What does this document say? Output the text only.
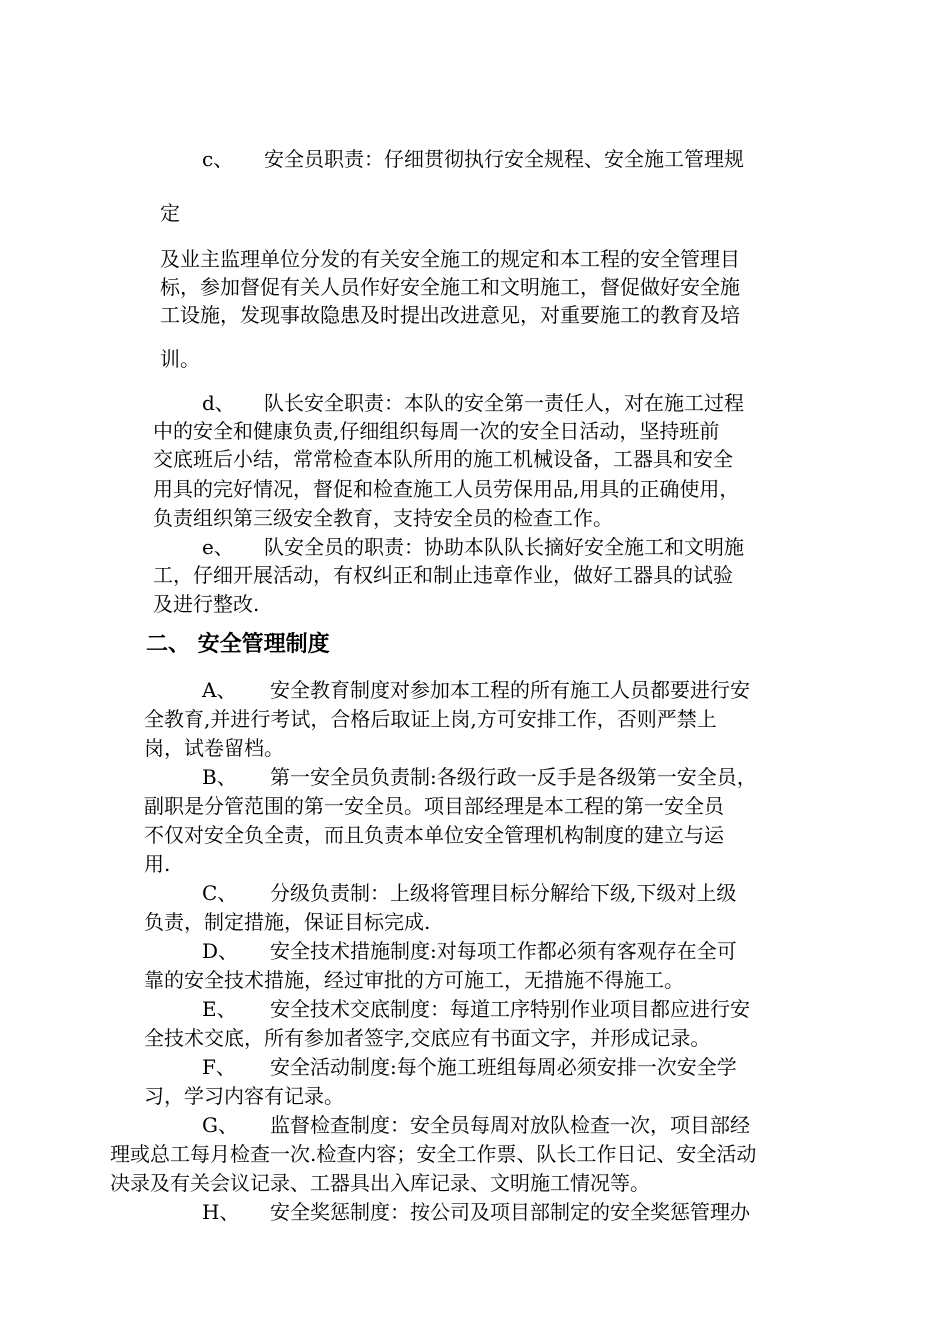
c、 安全员职责：仔细贯彻执行安全规程、安全施工管理规
定
及业主监理单位分发的有关安全施工的规定和本工程的安全管理目
标，参加督促有关人员作好安全施工和文明施工，督促做好安全施
工设施，发现事故隐患及时提出改进意见，对重要施工的教育及培
训。
d、 队长安全职责：本队的安全第一责任人，对在施工过程
中的安全和健康负责,仔细组织每周一次的安全日活动，坚持班前
交底班后小结，常常检查本队所用的施工机械设备，工器具和安全
用具的完好情况，督促和检查施工人员劳保用品,用具的正确使用，
负责组织第三级安全教育，支持安全员的检查工作。
e、 队安全员的职责：协助本队队长摘好安全施工和文明施
工，仔细开展活动，有权纠正和制止违章作业，做好工器具的试验
及进行整改.
二、 安全管理制度
A、 安全教育制度对参加本工程的所有施工人员都要进行安
全教育,并进行考试，合格后取证上岗,方可安排工作，否则严禁上
岗，试卷留档。
B、 第一安全员负责制:各级行政一反手是各级第一安全员，
副职是分管范围的第一安全员。项目部经理是本工程的第一安全员
不仅对安全负全责，而且负责本单位安全管理机构制度的建立与运
用.
C、 分级负责制：上级将管理目标分解给下级,下级对上级
负责，制定措施，保证目标完成.
D、 安全技术措施制度:对每项工作都必须有客观存在全可
靠的安全技术措施，经过审批的方可施工，无措施不得施工。
E、 安全技术交底制度：每道工序特别作业项目都应进行安
全技术交底，所有参加者签字,交底应有书面文字，并形成记录。
F、 安全活动制度:每个施工班组每周必须安排一次安全学
习，学习内容有记录。
G、 监督检查制度：安全员每周对放队检查一次，项目部经
理或总工每月检查一次.检查内容；安全工作票、队长工作日记、安全活动
决录及有关会议记录、工器具出入库记录、文明施工情况等。
H、 安全奖惩制度：按公司及项目部制定的安全奖惩管理办
